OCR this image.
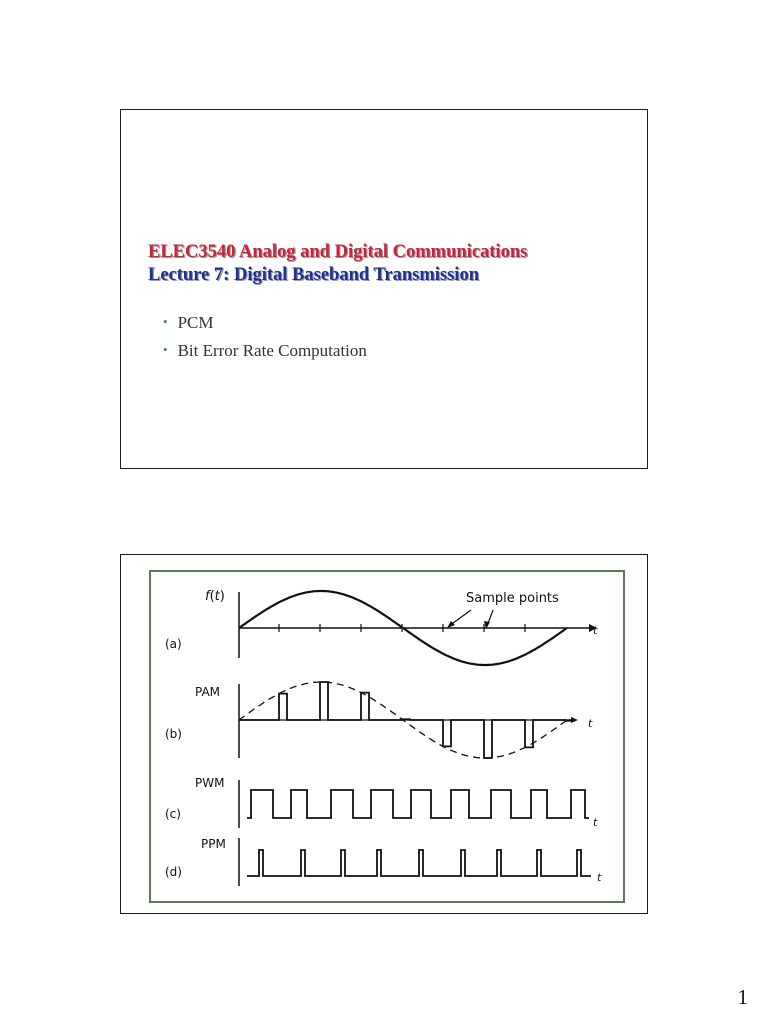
ELEC3540 Analog and Digital Communications
Lecture 7: Digital Baseband Transmission
• PCM
• Bit Error Rate Computation
f(t)	Sample points
t
(a)
PAM
t
(b)
PWM
t
(c)
PPM
t
(d)
1
